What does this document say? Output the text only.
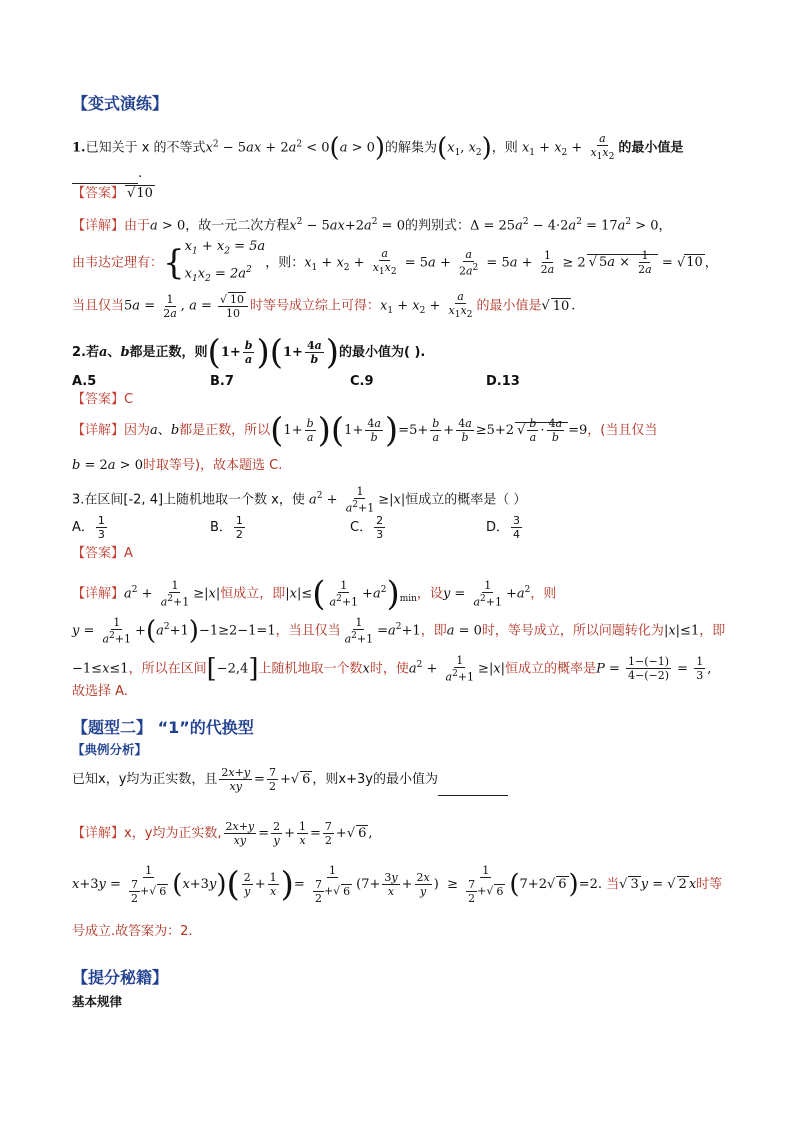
【变式演练】
1.已知关于 x 的不等式$x^2 - 5ax + 2a^2 < 0(a > 0)$的解集为($x_1$, $x_2$)，则 $x_1 + x_2 + \frac{a}{x_1x_2}$ 的最小值是
.
【答案】 √10
【详解】由于a > 0，故一元二次方程$x^2 - 5ax+2a^2 = 0$的判别式：$\Delta = 25a^2 - 4\cdot 2a^2 = 17a^2 > 0$，
由韦达定理有：{ $x_1 + x_2 = 5a$
$x_1x_2 = 2a^2$	，则：$x_1 + x_2 + \frac{a}{x_1x_2} = 5a + \frac{a}{2a^2} = 5a + \frac{1}{2a} \ge 2$ √ $5a \times \frac{1}{2a} = √10$ ，
当且仅当$5a = \frac{1}{2a}$ , $a = \frac{√ 10}{10}$ 时等号成立综上可得：$x_1 + x_2 + \frac{a}{x_1x_2}$ 的最小值是√ 10 .
2.若a、b都是正数，则$(1+ \frac{b}{a} )(1+ \frac{4a}{b}$ )的最小值为( ).
A.5	B.7	C.9	D.13
【答案】C
【详解】因为a、b都是正数，所以$(1+ \frac{b}{a} )(1+ \frac{4a}{b} )=5+ \frac{b}{a} + \frac{4a}{b} \ge 5+2$ √ $\frac{b}{a} \cdot \frac{4a}{b} =9$，(当且仅当
b = 2a > 0时取等号)，故本题选 C.
3.在区间[-2, 4]上随机地取一个数 x，使 $a^2 + \frac{1}{a^2+1} \ge|x|$恒成立的概率是（ ）
A． $\frac{1}{3}$	B． $\frac{1}{2}$	C． $\frac{2}{3}$	D． $\frac{3}{4}$
【答案】A
【详解】$a^2 + \frac{1}{a^2+1} \ge|x|$恒成立，即$|x|\le( \frac{1}{a^2+1} +a^2)_{min}$，设$y = \frac{1}{a^2+1} +a^2$，则
$y = \frac{1}{a^2+1} +(a^2+1)-1\ge 2-1=1$，当且仅当 $\frac{1}{a^2+1} =a^2+1$，即a = 0时，等号成立，所以问题转化为|x|≤1，即
−1≤x≤1，所以在区间[−2,4]上随机地取一个数x时，使$a^2 + \frac{1}{a^2+1} \ge|x|$恒成立的概率是$P = \frac{1-(-1)}{4-(-2)} = \frac{1}{3}$ ,
故选择 A.
【题型二】 “1”的代换型
【典例分析】
已知x，y均为正实数，且 $\frac{2x+y}{xy} = \frac{7}{2}$ +√ 6 ，则x+3y的最小值为
【详解】x，y均为正实数, $\frac{2x+y}{xy} = \frac{2}{y} + \frac{1}{x} = \frac{7}{2}$ +√ 6 ,
$x+3y = \frac{1}{\frac{7}{2} +√ 6} (x+3y)( \frac{2}{y} + \frac{1}{x}$ )= $\frac{1}{\frac{7}{2} +√ 6} (7+ \frac{3y}{x} + \frac{2x}{y}$ )  ≥ $\frac{1}{\frac{7}{2} +√ 6} (7+2√$ 6)=2. 当√ 3 y = √ 2 x时等
号成立.故答案为：2.
【提分秘籍】
基本规律
